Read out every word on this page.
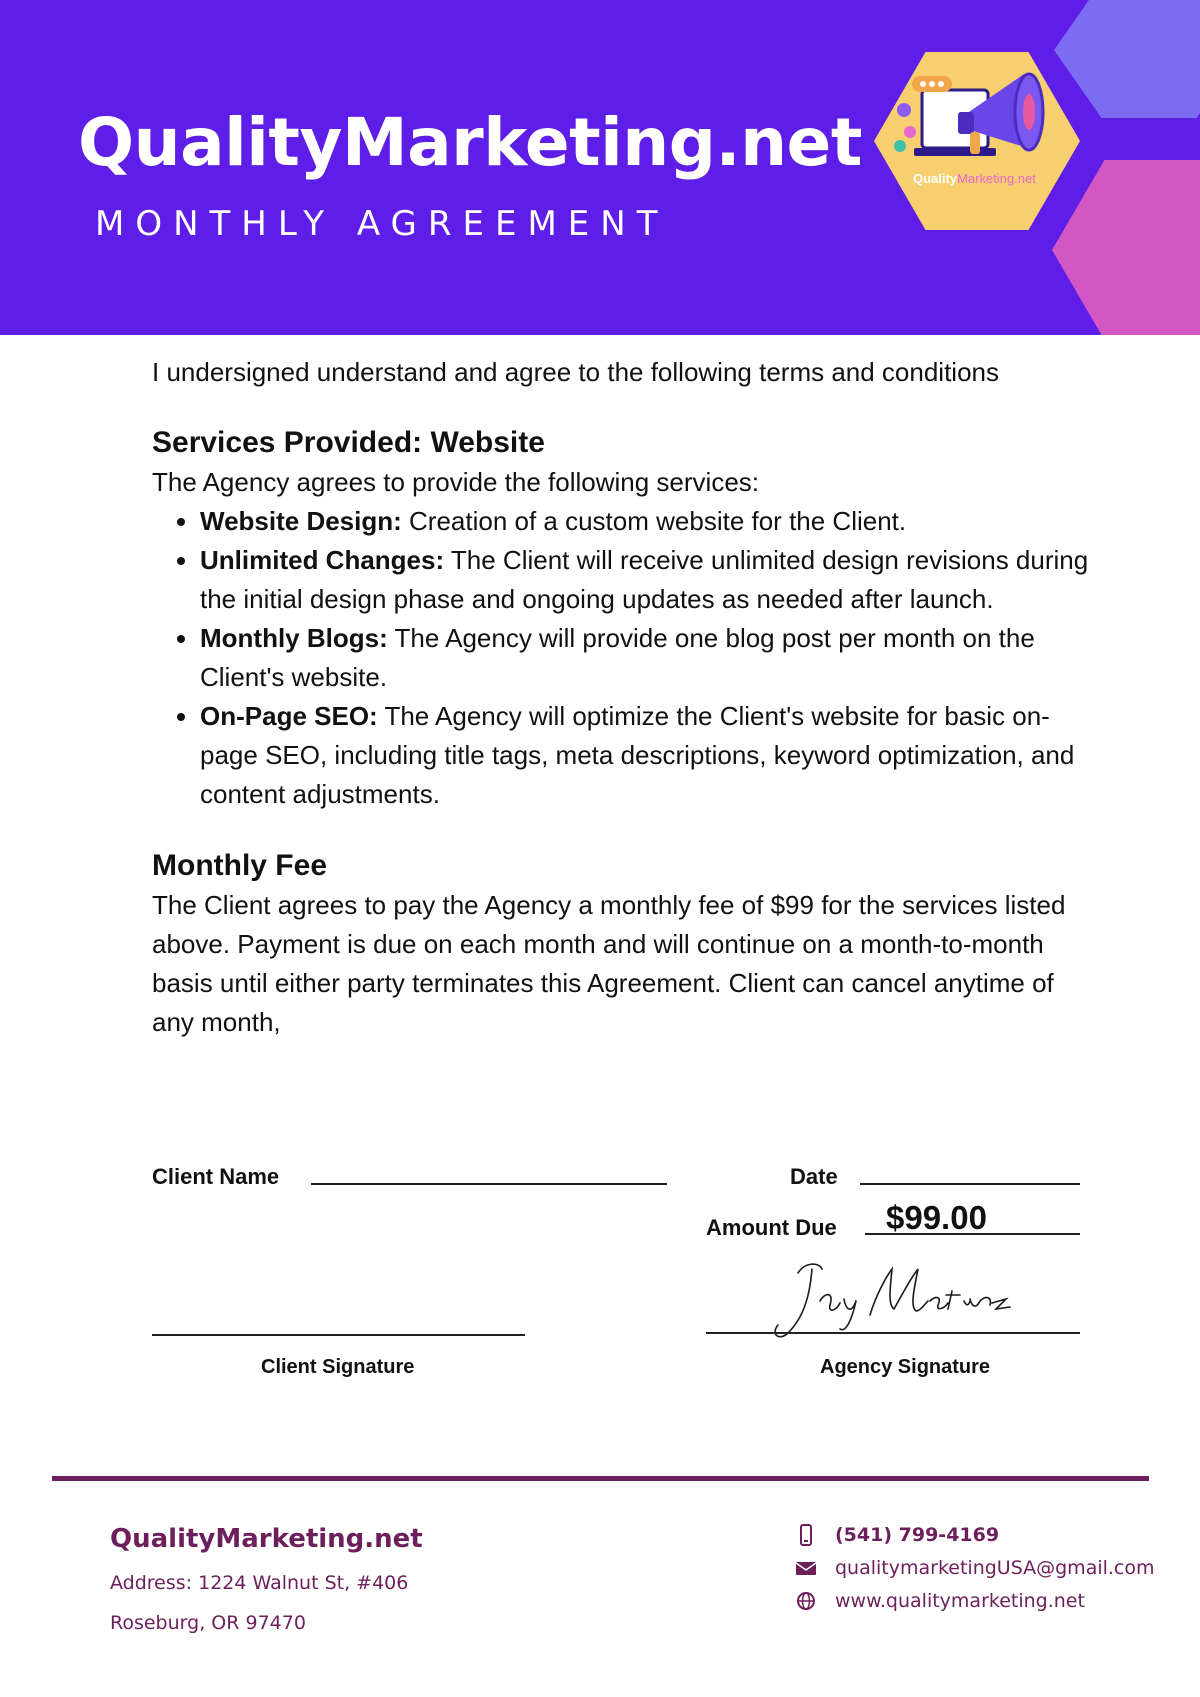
QualityMarketing.net
MONTHLY AGREEMENT
QualityMarketing.net

I undersigned understand and agree to the following terms and conditions

Services Provided: Website

The Agency agrees to provide the following services:

• Website Design: Creation of a custom website for the Client.
• Unlimited Changes: The Client will receive unlimited design revisions during the initial design phase and ongoing updates as needed after launch.
• Monthly Blogs: The Agency will provide one blog post per month on the Client's website.
• On-Page SEO: The Agency will optimize the Client's website for basic on-page SEO, including title tags, meta descriptions, keyword optimization, and content adjustments.
Monthly Fee

The Client agrees to pay the Agency a monthly fee of $99 for the services listed above. Payment is due on each month and will continue on a month-to-month basis until either party terminates this Agreement. Client can cancel anytime of any month,

Client Name	Date
Amount Due $99.00
Client Signature	Agency Signature
QualityMarketing.net
Address: 1224 Walnut St, #406
Roseburg, OR 97470
(541) 799-4169
qualitymarketingUSA@gmail.com
www.qualitymarketing.net
